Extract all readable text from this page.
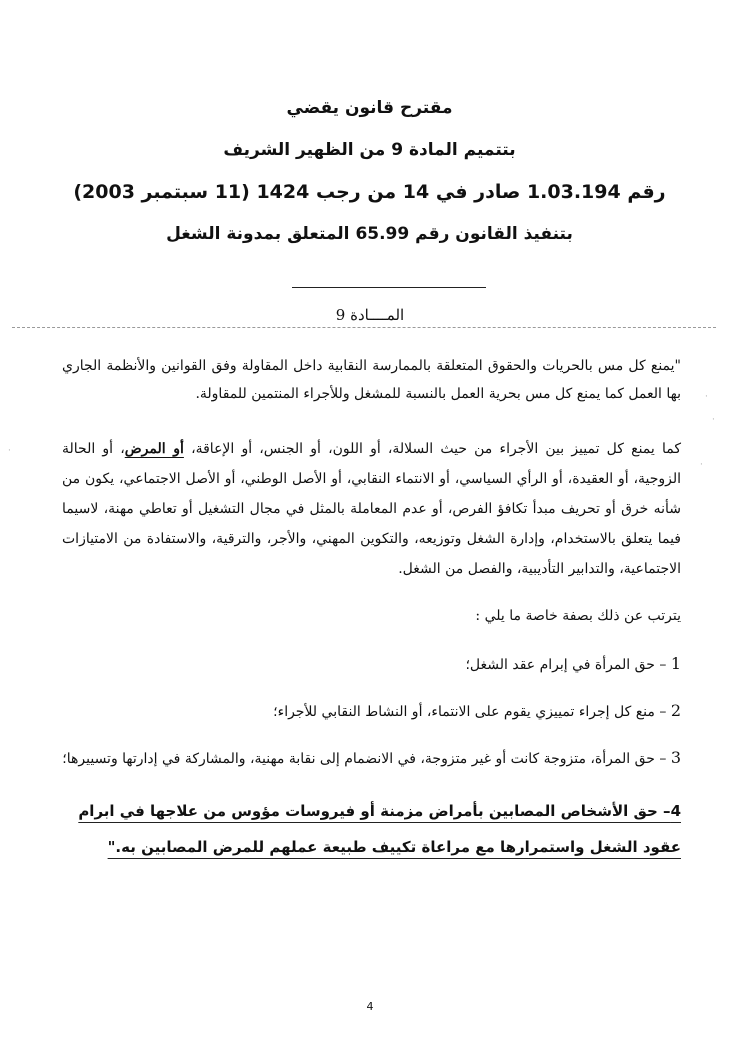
مقترح قانون يقضي
بتتميم المادة 9 من الظهير الشريف
رقم 1.03.194 صادر في 14 من رجب 1424 (11 سبتمبر 2003)
بتنفيذ القانون رقم 65.99 المتعلق بمدونة الشغل
المــــادة 9

"يمنع كل مس بالحريات والحقوق المتعلقة بالممارسة النقابية داخل المقاولة وفق القوانين والأنظمة الجاري بها العمل كما يمنع كل مس بحرية العمل بالنسبة للمشغل وللأجراء المنتمين للمقاولة.

كما يمنع كل تمييز بين الأجراء من حيث السلالة، أو اللون، أو الجنس، أو الإعاقة، أو المرض، أو الحالة الزوجية، أو العقيدة، أو الرأي السياسي، أو الانتماء النقابي، أو الأصل الوطني، أو الأصل الاجتماعي، يكون من شأنه خرق أو تحريف مبدأ تكافؤ الفرص، أو عدم المعاملة بالمثل في مجال التشغيل أو تعاطي مهنة، لاسيما فيما يتعلق بالاستخدام، وإدارة الشغل وتوزيعه، والتكوين المهني، والأجر، والترقية، والاستفادة من الامتيازات الاجتماعية، والتدابير التأديبية، والفصل من الشغل.

يترتب عن ذلك بصفة خاصة ما يلي :

1 – حق المرأة في إبرام عقد الشغل؛

2 – منع كل إجراء تمييزي يقوم على الانتماء، أو النشاط النقابي للأجراء؛

3 – حق المرأة، متزوجة كانت أو غير متزوجة، في الانضمام إلى نقابة مهنية، والمشاركة في إدارتها وتسييرها؛

4– حق الأشخاص المصابين بأمراض مزمنة أو فيروسات مؤوس من علاجها في ابرام
عقود الشغل واستمرارها مع مراعاة تكييف طبيعة عملهم للمرض المصابين به."
4
·
·
·
·
